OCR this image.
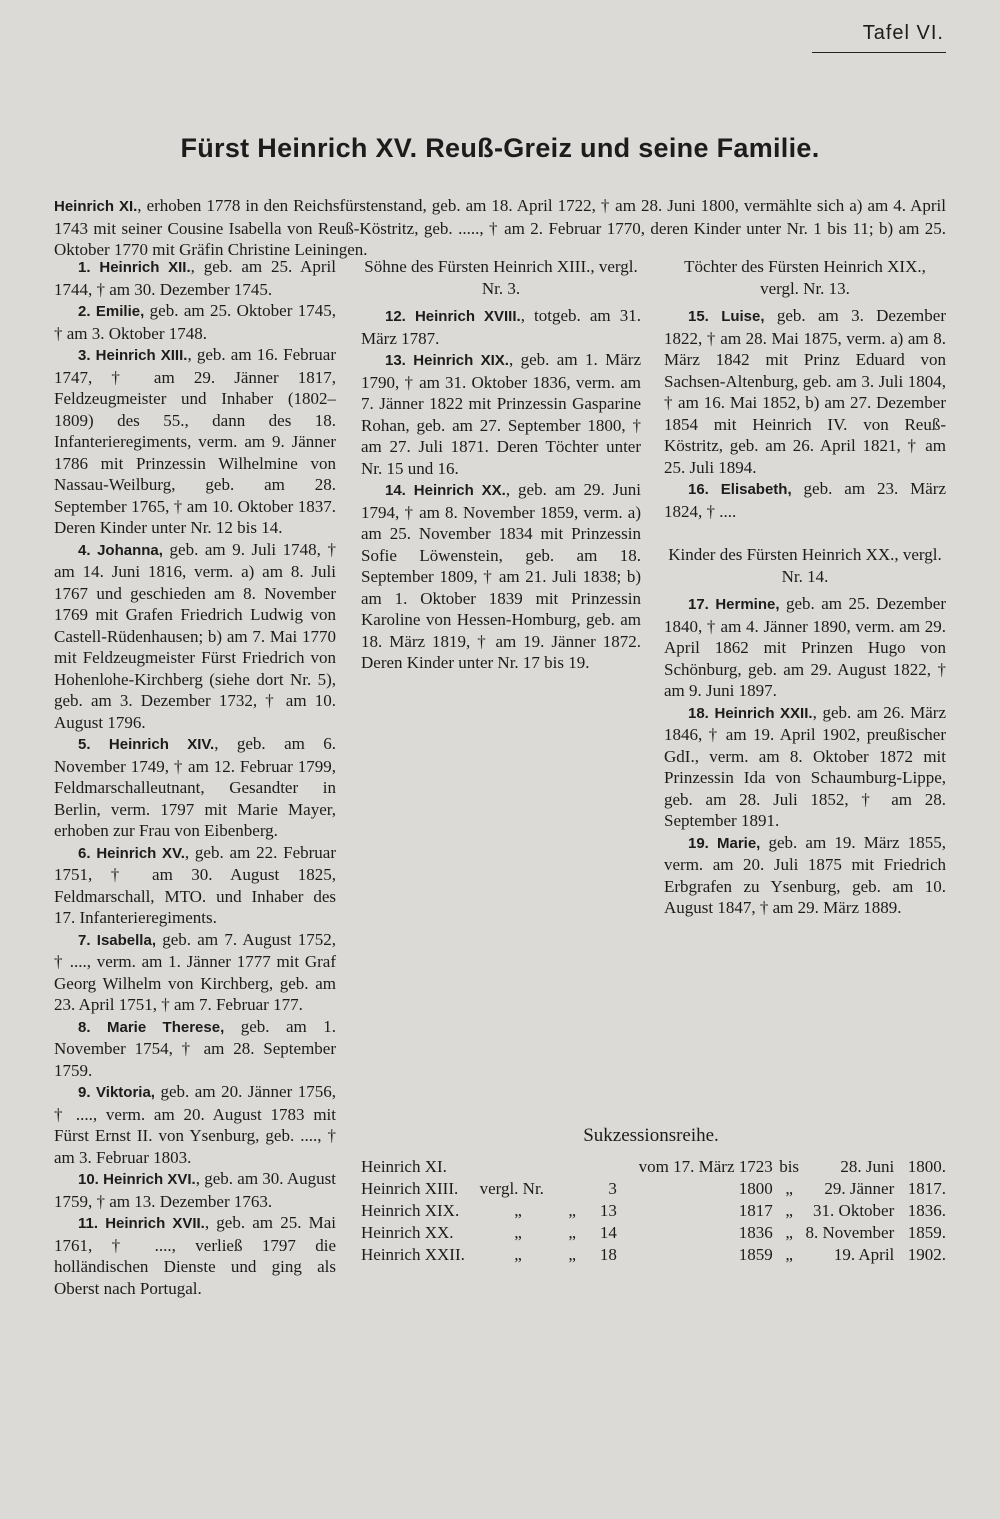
Tafel VI.
Fürst Heinrich XV. Reuß-Greiz und seine Familie.

Heinrich XI., erhoben 1778 in den Reichsfürstenstand, geb. am 18. April 1722, † am 28. Juni 1800, vermählte sich a) am 4. April 1743 mit seiner Cousine Isabella von Reuß-Köstritz, geb. ....., † am 2. Februar 1770, deren Kinder unter Nr. 1 bis 11; b) am 25. Oktober 1770 mit Gräfin Christine Leiningen.

1. Heinrich XII., geb. am 25. April 1744, † am 30. Dezember 1745.

2. Emilie, geb. am 25. Oktober 1745, † am 3. Oktober 1748.

3. Heinrich XIII., geb. am 16. Februar 1747, † am 29. Jänner 1817, Feldzeugmeister und Inhaber (1802–1809) des 55., dann des 18. Infanterieregiments, verm. am 9. Jänner 1786 mit Prinzessin Wilhelmine von Nassau-Weilburg, geb. am 28. September 1765, † am 10. Oktober 1837. Deren Kinder unter Nr. 12 bis 14.

4. Johanna, geb. am 9. Juli 1748, † am 14. Juni 1816, verm. a) am 8. Juli 1767 und geschieden am 8. November 1769 mit Grafen Friedrich Ludwig von Castell-Rüdenhausen; b) am 7. Mai 1770 mit Feldzeugmeister Fürst Friedrich von Hohenlohe-Kirchberg (siehe dort Nr. 5), geb. am 3. Dezember 1732, † am 10. August 1796.

5. Heinrich XIV., geb. am 6. November 1749, † am 12. Februar 1799, Feldmarschalleutnant, Gesandter in Berlin, verm. 1797 mit Marie Mayer, erhoben zur Frau von Eibenberg.

6. Heinrich XV., geb. am 22. Februar 1751, † am 30. August 1825, Feldmarschall, MTO. und Inhaber des 17. Infanterieregiments.

7. Isabella, geb. am 7. August 1752, † ...., verm. am 1. Jänner 1777 mit Graf Georg Wilhelm von Kirchberg, geb. am 23. April 1751, † am 7. Februar 177.

8. Marie Therese, geb. am 1. November 1754, † am 28. September 1759.

9. Viktoria, geb. am 20. Jänner 1756, † ...., verm. am 20. August 1783 mit Fürst Ernst II. von Ysenburg, geb. ...., † am 3. Februar 1803.

10. Heinrich XVI., geb. am 30. August 1759, † am 13. Dezember 1763.

11. Heinrich XVII., geb. am 25. Mai 1761, † ...., verließ 1797 die holländischen Dienste und ging als Oberst nach Portugal.

Söhne des Fürsten Heinrich XIII., vergl. Nr. 3.

12. Heinrich XVIII., totgeb. am 31. März 1787.

13. Heinrich XIX., geb. am 1. März 1790, † am 31. Oktober 1836, verm. am 7. Jänner 1822 mit Prinzessin Gasparine Rohan, geb. am 27. September 1800, † am 27. Juli 1871. Deren Töchter unter Nr. 15 und 16.

14. Heinrich XX., geb. am 29. Juni 1794, † am 8. November 1859, verm. a) am 25. November 1834 mit Prinzessin Sofie Löwenstein, geb. am 18. September 1809, † am 21. Juli 1838; b) am 1. Oktober 1839 mit Prinzessin Karoline von Hessen-Homburg, geb. am 18. März 1819, † am 19. Jänner 1872. Deren Kinder unter Nr. 17 bis 19.

Töchter des Fürsten Heinrich XIX., vergl. Nr. 13.

15. Luise, geb. am 3. Dezember 1822, † am 28. Mai 1875, verm. a) am 8. März 1842 mit Prinz Eduard von Sachsen-Altenburg, geb. am 3. Juli 1804, † am 16. Mai 1852, b) am 27. Dezember 1854 mit Heinrich IV. von Reuß-Köstritz, geb. am 26. April 1821, † am 25. Juli 1894.

16. Elisabeth, geb. am 23. März 1824, † ....

Kinder des Fürsten Heinrich XX., vergl. Nr. 14.

17. Hermine, geb. am 25. Dezember 1840, † am 4. Jänner 1890, verm. am 29. April 1862 mit Prinzen Hugo von Schönburg, geb. am 29. August 1822, † am 9. Juni 1897.

18. Heinrich XXII., geb. am 26. März 1846, † am 19. April 1902, preußischer GdI., verm. am 8. Oktober 1872 mit Prinzessin Ida von Schaumburg-Lippe, geb. am 28. Juli 1852, † am 28. September 1891.

19. Marie, geb. am 19. März 1855, verm. am 20. Juli 1875 mit Friedrich Erbgrafen zu Ysenburg, geb. am 10. August 1847, † am 29. März 1889.

Sukzessionsreihe.
Heinrich XI.				vom 17. März 1723	bis	28. Juni	1800.
Heinrich XIII.	vergl. Nr.		3	1800	„	29. Jänner	1817.
Heinrich XIX.	„	„	13	1817	„	31. Oktober	1836.
Heinrich XX.	„	„	14	1836	„	8. November	1859.
Heinrich XXII.	„	„	18	1859	„	19. April	1902.
